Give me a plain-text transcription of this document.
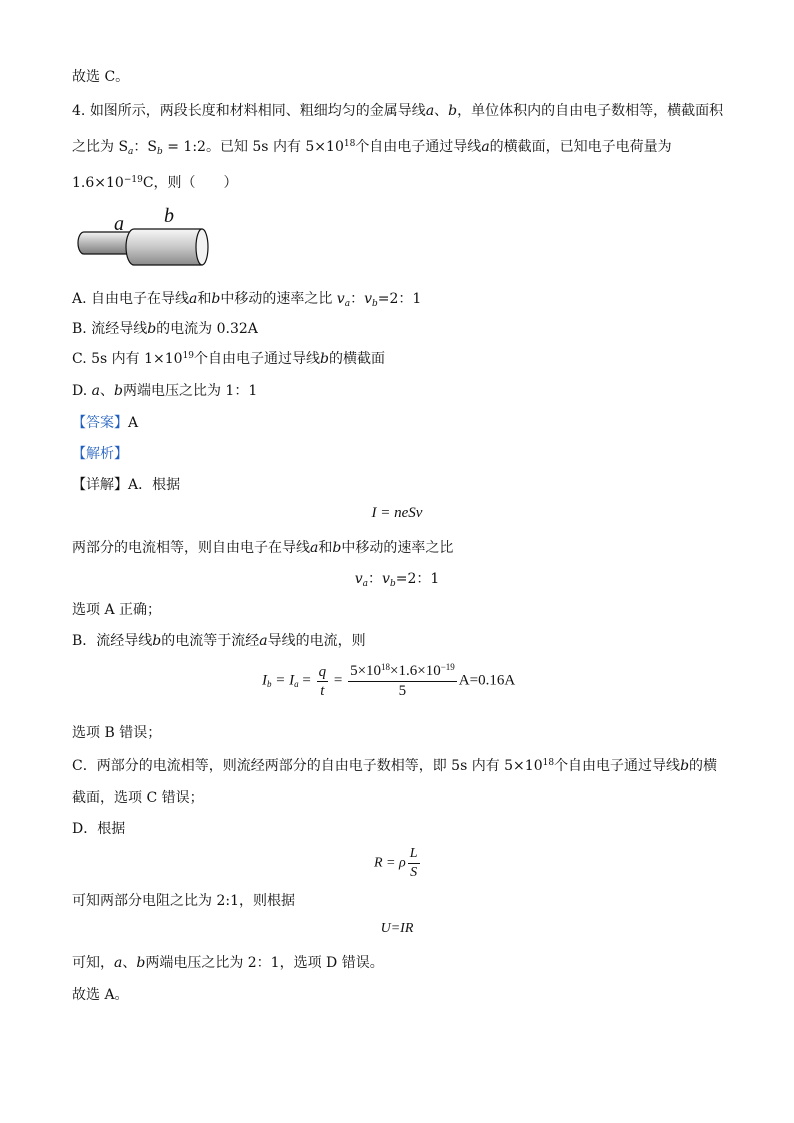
故选 C。
4. 如图所示，两段长度和材料相同、粗细均匀的金属导线a、b，单位体积内的自由电子数相等，横截面积
之比为 $S_a$：$S_b$ = 1:2。已知 5s 内有 $5\times 10^{18}$个自由电子通过导线a的横截面，已知电子电荷量为
$1.6\times 10^{-19}C$，则（　　）
a b
A. 自由电子在导线a和b中移动的速率之比 $v_a$：$v_b=2$：1
B. 流经导线b的电流为 0.32A
C. 5s 内有 $1\times 10^{19}$个自由电子通过导线b的横截面
D. a、b两端电压之比为 1：1
【答案】A
【解析】
【详解】A．根据
I = neSv
两部分的电流相等，则自由电子在导线a和b中移动的速率之比
$v_a$：$v_b=2$：1
选项 A 正确；
B．流经导线b的电流等于流经a导线的电流，则
$I_b = I_a = \frac{q}{t} = \frac{5\times 10^{18}\times 1.6\times 10^{-19}}{5} A=0.16A$
选项 B 错误；
C．两部分的电流相等，则流经两部分的自由电子数相等，即 5s 内有 $5\times 10^{18}$个自由电子通过导线b的横
截面，选项 C 错误；
D．根据
R = ρ $\frac{L}{S}$
可知两部分电阻之比为 2:1，则根据
U=IR
可知，a、b两端电压之比为 2：1，选项 D 错误。
故选 A。
